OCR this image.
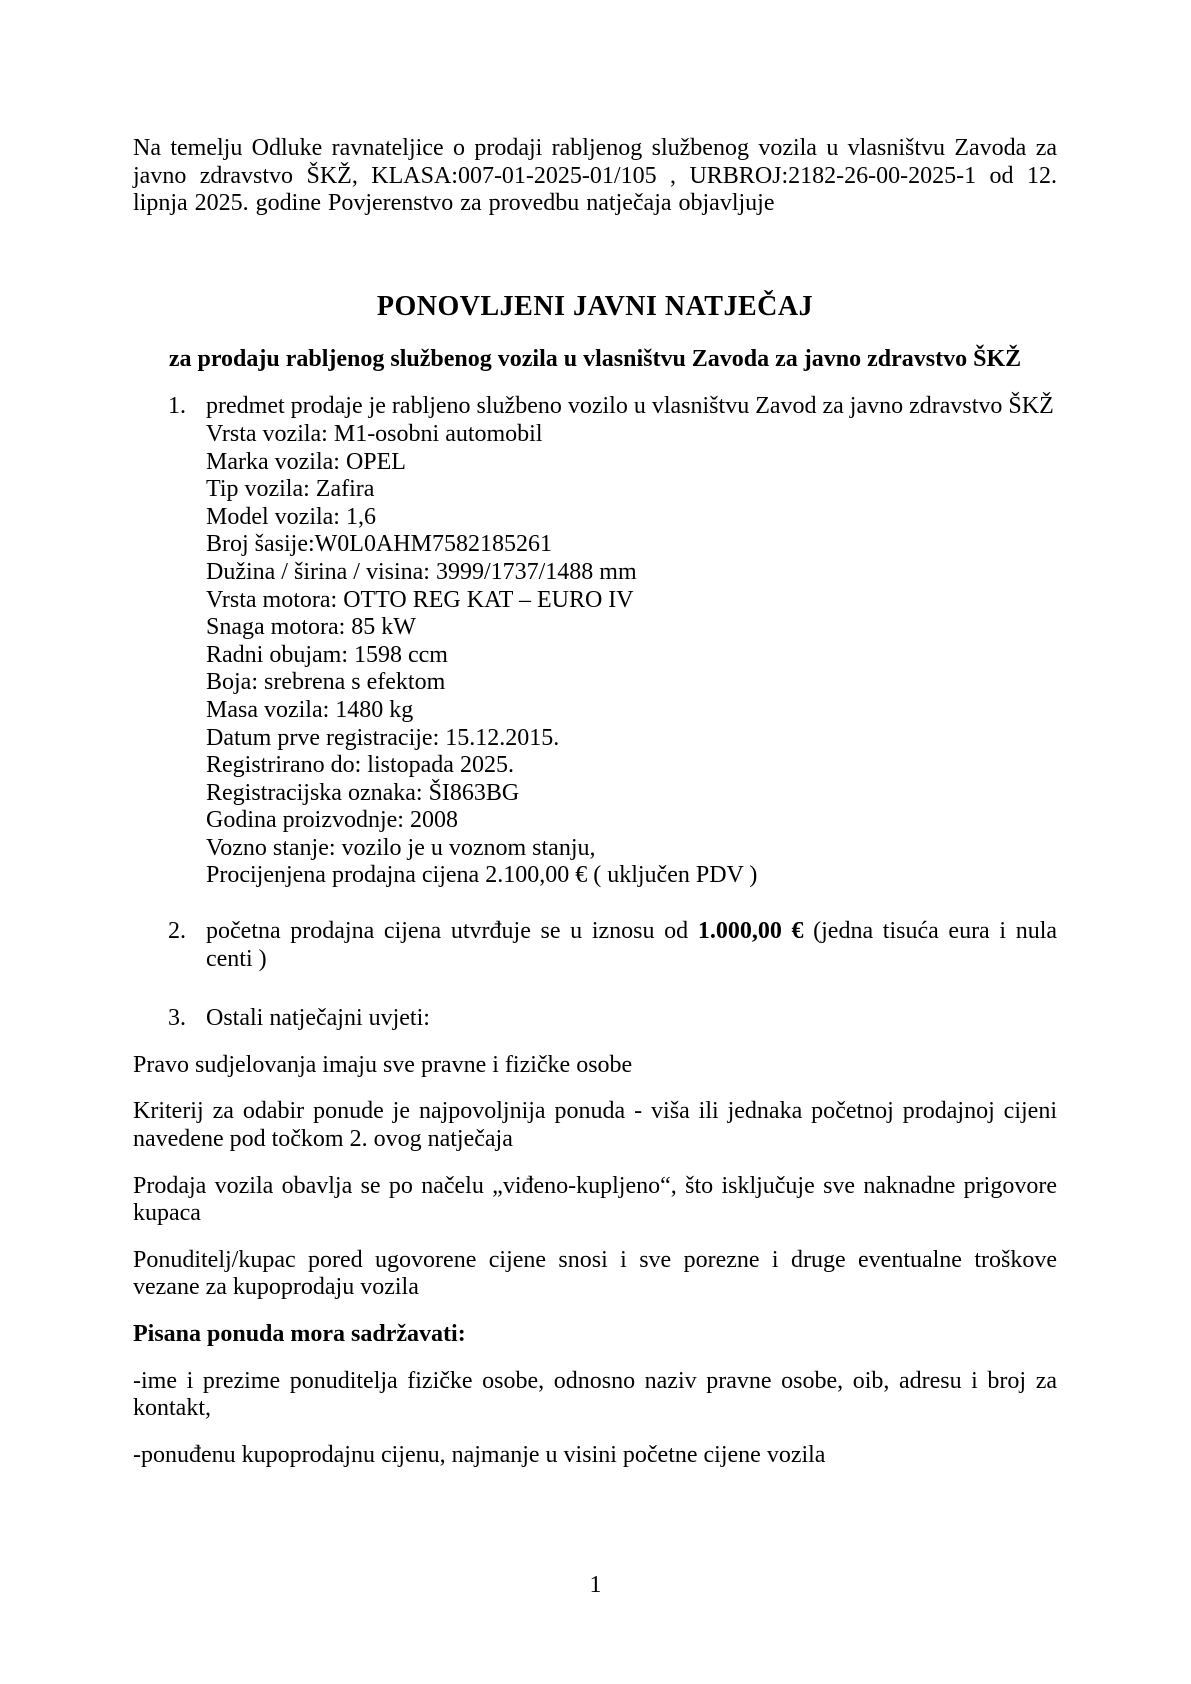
Na temelju Odluke ravnateljice o prodaji rabljenog službenog vozila u vlasništvu Zavoda za javno zdravstvo ŠKŽ, KLASA:007-01-2025-01/105 , URBROJ:2182-26-00-2025-1 od 12. lipnja 2025. godine Povjerenstvo za provedbu natječaja objavljuje

PONOVLJENI JAVNI NATJEČAJ
za prodaju rabljenog službenog vozila u vlasništvu Zavoda za javno zdravstvo ŠKŽ
1. predmet prodaje je rabljeno službeno vozilo u vlasništvu Zavod za javno zdravstvo ŠKŽ
Vrsta vozila: M1-osobni automobil
Marka vozila: OPEL
Tip vozila: Zafira
Model vozila: 1,6
Broj šasije:W0L0AHM7582185261
Dužina / širina / visina: 3999/1737/1488 mm
Vrsta motora: OTTO REG KAT – EURO IV
Snaga motora: 85 kW
Radni obujam: 1598 ccm
Boja: srebrena s efektom
Masa vozila: 1480 kg
Datum prve registracije: 15.12.2015.
Registrirano do: listopada 2025.
Registracijska oznaka: ŠI863BG
Godina proizvodnje: 2008
Vozno stanje: vozilo je u voznom stanju,
Procijenjena prodajna cijena 2.100,00 € ( uključen PDV )
2. početna prodajna cijena utvrđuje se u iznosu od 1.000,00 € (jedna tisuća eura i nula centi )
3. Ostali natječajni uvjeti:

Pravo sudjelovanja imaju sve pravne i fizičke osobe

Kriterij za odabir ponude je najpovoljnija ponuda - viša ili jednaka početnoj prodajnoj cijeni navedene pod točkom 2. ovog natječaja

Prodaja vozila obavlja se po načelu „viđeno-kupljeno“, što isključuje sve naknadne prigovore kupaca

Ponuditelj/kupac pored ugovorene cijene snosi i sve porezne i druge eventualne troškove vezane za kupoprodaju vozila

Pisana ponuda mora sadržavati:

-ime i prezime ponuditelja fizičke osobe, odnosno naziv pravne osobe, oib, adresu i broj za kontakt,

-ponuđenu kupoprodajnu cijenu, najmanje u visini početne cijene vozila

1
